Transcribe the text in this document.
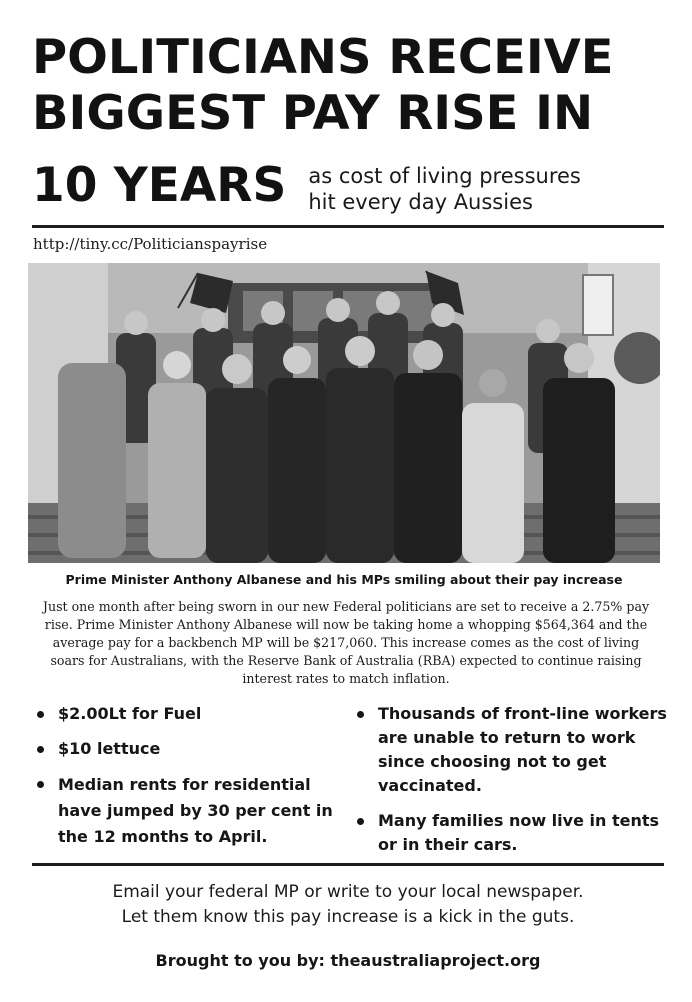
POLITICIANS RECEIVE
BIGGEST PAY RISE IN
10 YEARS as cost of living pressures
hit every day Aussies
http://tiny.cc/Politicianspayrise
Prime Minister Anthony Albanese and his MPs smiling about their pay increase
Just one month after being sworn in our new Federal politicians are set to receive a 2.75% pay rise. Prime Minister Anthony Albanese will now be taking home a whopping $564,364 and the average pay for a backbench MP will be $217,060. This increase comes as the cost of living soars for Australians, with the Reserve Bank of Australia (RBA) expected to continue raising interest rates to match inflation.
$2.00Lt for Fuel
$10 lettuce
Median rents for residential have jumped by 30 per cent in the 12 months to April.
Thousands of front-line workers are unable to return to work since choosing not to get vaccinated.
Many families now live in tents or in their cars.
Email your federal MP or write to your local newspaper.
Let them know this pay increase is a kick in the guts.
Brought to you by: theaustraliaproject.org
